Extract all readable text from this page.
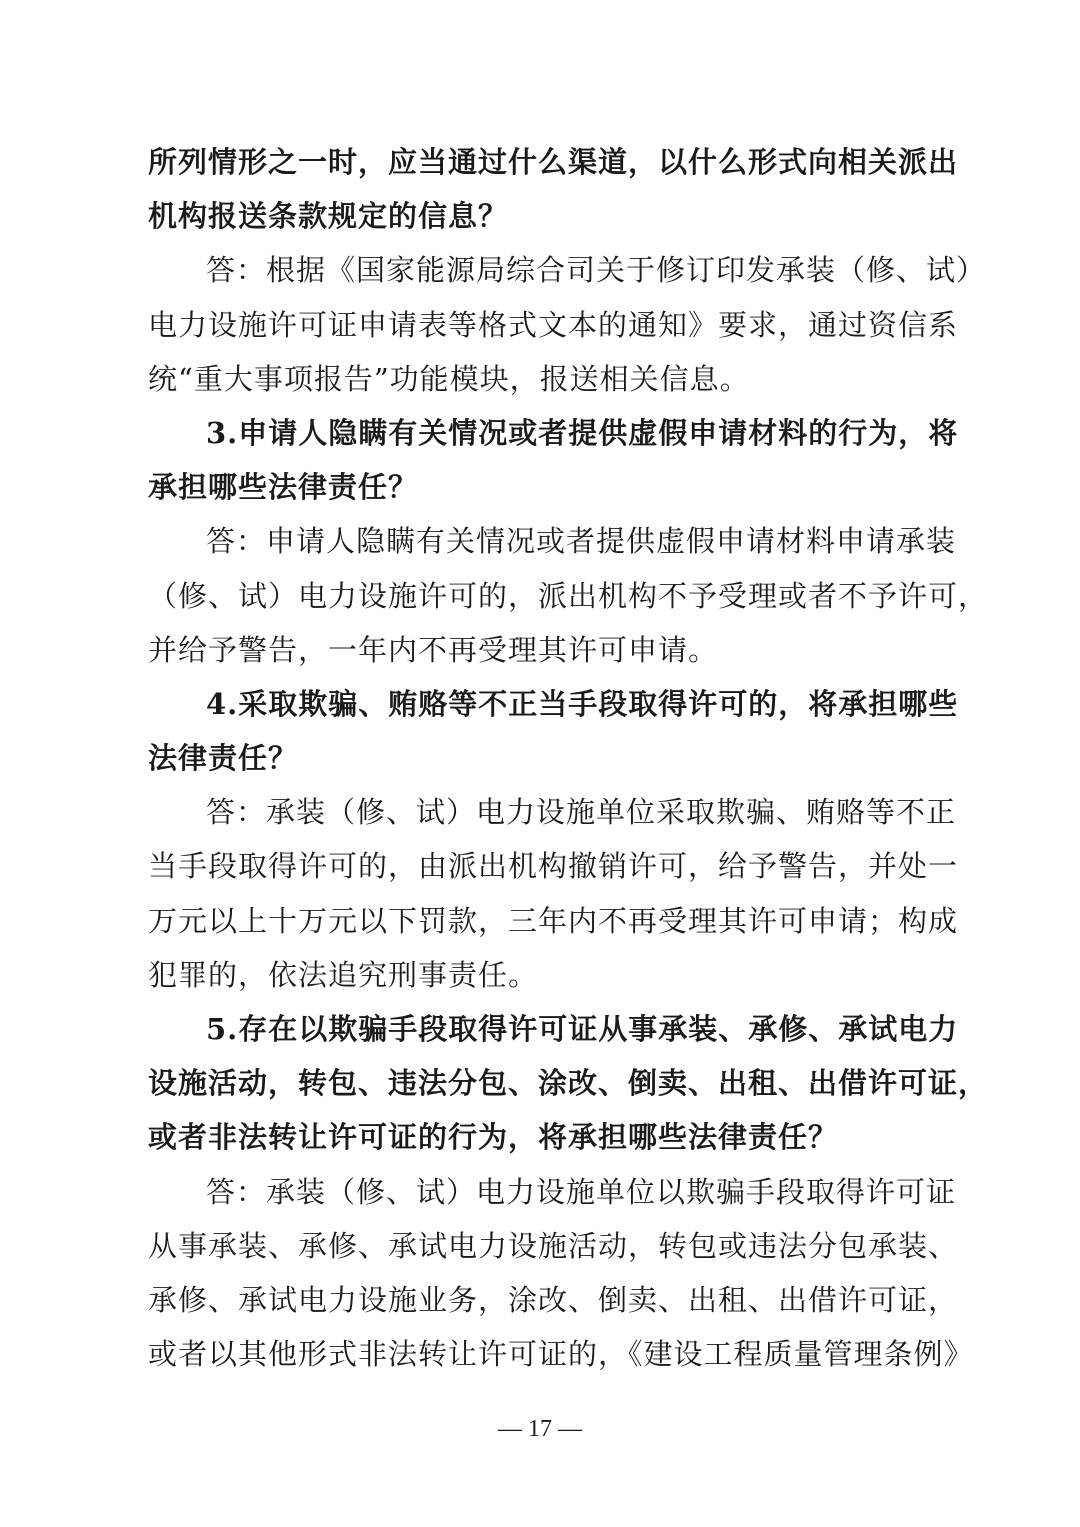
所列情形之一时，应当通过什么渠道，以什么形式向相关派出
机构报送条款规定的信息？
答：根据《国家能源局综合司关于修订印发承装（修、试）
电力设施许可证申请表等格式文本的通知》要求，通过资信系
统“重大事项报告”功能模块，报送相关信息。
3.申请人隐瞒有关情况或者提供虚假申请材料的行为，将
承担哪些法律责任？
答：申请人隐瞒有关情况或者提供虚假申请材料申请承装
（修、试）电力设施许可的，派出机构不予受理或者不予许可，
并给予警告，一年内不再受理其许可申请。
4.采取欺骗、贿赂等不正当手段取得许可的，将承担哪些
法律责任？
答：承装（修、试）电力设施单位采取欺骗、贿赂等不正
当手段取得许可的，由派出机构撤销许可，给予警告，并处一
万元以上十万元以下罚款，三年内不再受理其许可申请；构成
犯罪的，依法追究刑事责任。
5.存在以欺骗手段取得许可证从事承装、承修、承试电力
设施活动，转包、违法分包、涂改、倒卖、出租、出借许可证，
或者非法转让许可证的行为，将承担哪些法律责任？
答：承装（修、试）电力设施单位以欺骗手段取得许可证
从事承装、承修、承试电力设施活动，转包或违法分包承装、
承修、承试电力设施业务，涂改、倒卖、出租、出借许可证，
或者以其他形式非法转让许可证的，《建设工程质量管理条例》
— 17 —
